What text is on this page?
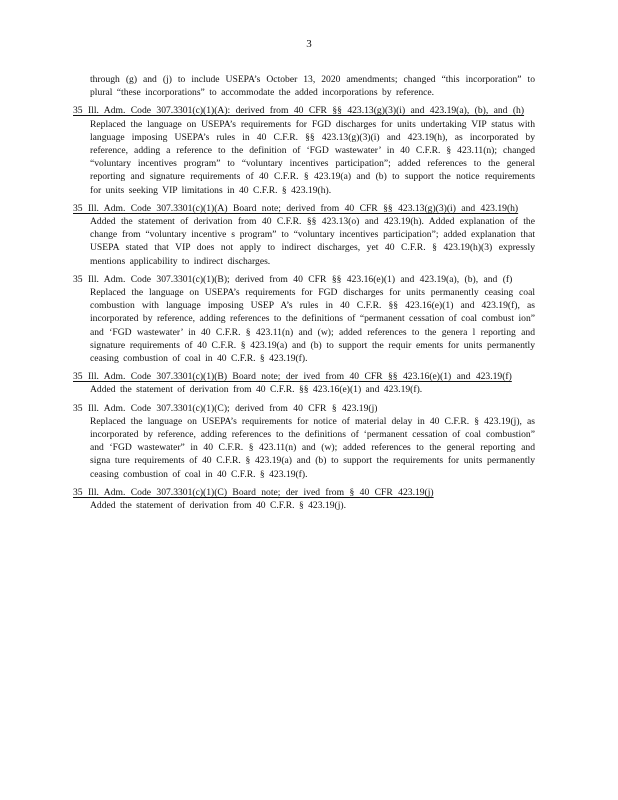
3
through (g) and (j) to include USEPA’s October 13, 2020 amendments; changed “this incorporation” to plural “these incorporations” to accommodate the added incorporations by reference.
35 Ill. Adm. Code 307.3301(c)(1)(A): derived from 40 CFR §§ 423.13(g)(3)(i) and 423.19(a), (b), and (h)
Replaced the language on USEPA’s requirements for FGD discharges for units undertaking VIP status with language imposing USEPA’s rules in 40 C.F.R. §§ 423.13(g)(3)(i) and 423.19(h), as incorporated by reference, adding a reference to the definition of ‘FGD wastewater’ in 40 C.F.R. § 423.11(n); changed “voluntary incentives program” to “voluntary incentives participation”; added references to the general reporting and signature requirements of 40 C.F.R. § 423.19(a) and (b) to support the notice requirements for units seeking VIP limitations in 40 C.F.R. § 423.19(h).
35 Ill. Adm. Code 307.3301(c)(1)(A) Board note; derived from 40 CFR §§ 423.13(g)(3)(i) and 423.19(h)
Added the statement of derivation from 40 C.F.R. §§ 423.13(o) and 423.19(h). Added explanation of the change from “voluntary incentive s program” to “voluntary incentives participation”; added explanation that USEPA stated that VIP does not apply to indirect discharges, yet 40 C.F.R. § 423.19(h)(3) expressly mentions applicability to indirect discharges.
35 Ill. Adm. Code 307.3301(c)(1)(B); derived from 40 CFR §§ 423.16(e)(1) and 423.19(a), (b), and (f)
Replaced the language on USEPA’s requirements for FGD discharges for units permanently ceasing coal combustion with language imposing USEP A’s rules in 40 C.F.R. §§ 423.16(e)(1) and 423.19(f), as incorporated by reference, adding references to the definitions of “permanent cessation of coal combust ion” and ‘FGD wastewater’ in 40 C.F.R. § 423.11(n) and (w); added references to the genera l reporting and signature requirements of 40 C.F.R. § 423.19(a) and (b) to support the requir ements for units permanently ceasing combustion of coal in 40 C.F.R. § 423.19(f).
35 Ill. Adm. Code 307.3301(c)(1)(B) Board note; der ived from 40 CFR §§ 423.16(e)(1) and 423.19(f)
Added the statement of derivation from 40 C.F.R. §§ 423.16(e)(1) and 423.19(f).
35 Ill. Adm. Code 307.3301(c)(1)(C); derived from 40 CFR § 423.19(j)
Replaced the language on USEPA’s requirements for notice of material delay in 40 C.F.R. § 423.19(j), as incorporated by reference, adding references to the definitions of ‘permanent cessation of coal combustion” and ‘FGD wastewater” in 40 C.F.R. § 423.11(n) and (w); added references to the general reporting and signa ture requirements of 40 C.F.R. § 423.19(a) and (b) to support the requirements for units permanently ceasing combustion of coal in 40 C.F.R. § 423.19(f).
35 Ill. Adm. Code 307.3301(c)(1)(C) Board note; der ived from § 40 CFR 423.19(j)
Added the statement of derivation from 40 C.F.R. § 423.19(j).
